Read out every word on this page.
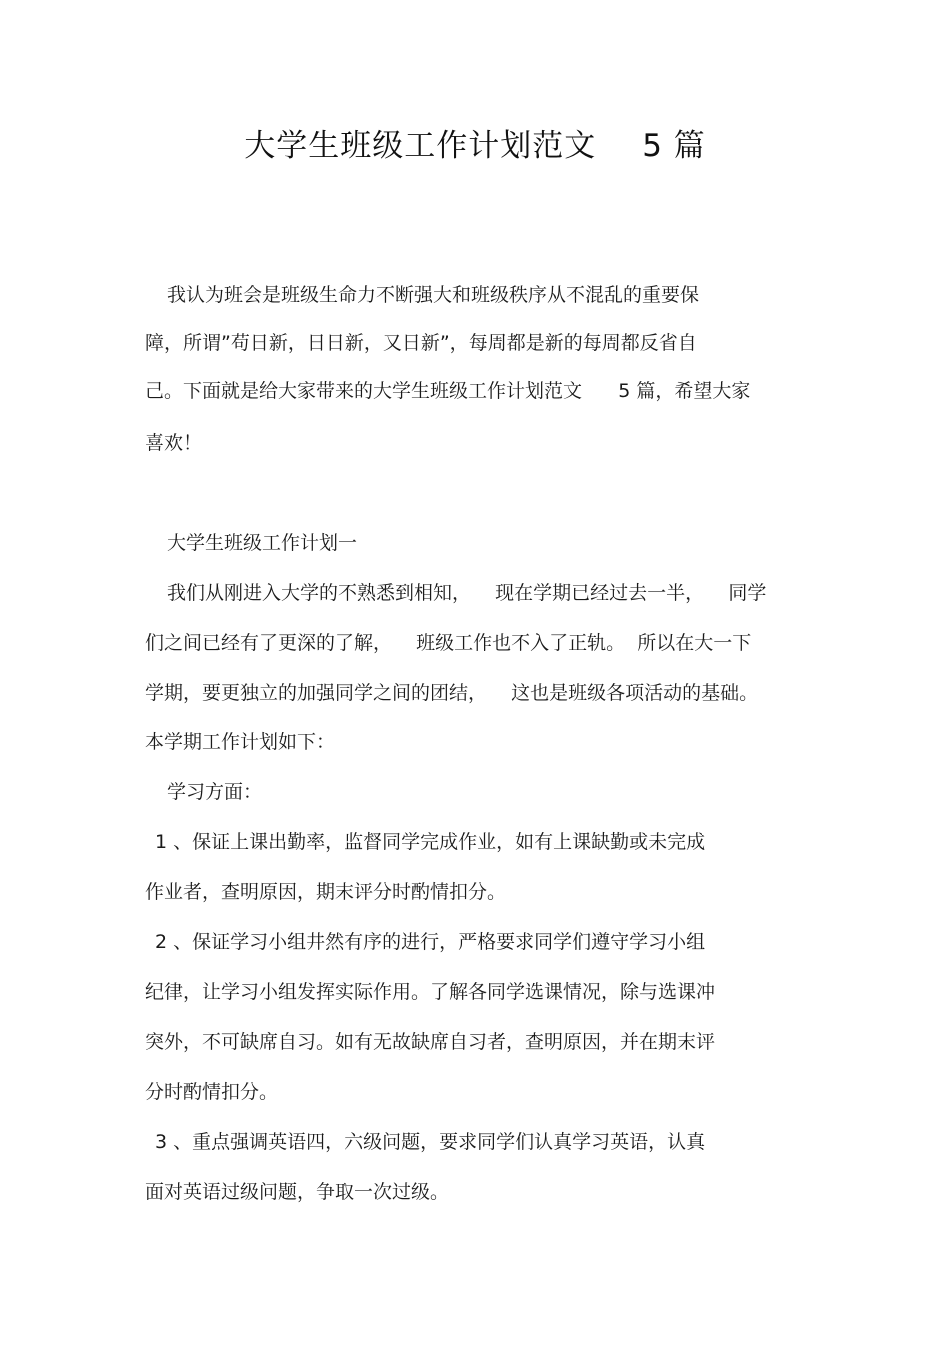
大学生班级工作计划范文 5 篇
我认为班会是班级生命力不断强大和班级秩序从不混乱的重要保
障，所谓”苟日新，日日新，又日新”，每周都是新的每周都反省自
己。下面就是给大家带来的大学生班级工作计划范文      5 篇，希望大家
喜欢！
大学生班级工作计划一
我们从刚进入大学的不熟悉到相知，    现在学期已经过去一半，    同学
们之间已经有了更深的了解，    班级工作也不入了正轨。  所以在大一下
学期，要更独立的加强同学之间的团结，    这也是班级各项活动的基础。
本学期工作计划如下：
学习方面：
1 、保证上课出勤率，监督同学完成作业，如有上课缺勤或未完成
作业者，查明原因，期末评分时酌情扣分。
2 、保证学习小组井然有序的进行，严格要求同学们遵守学习小组
纪律，让学习小组发挥实际作用。了解各同学选课情况，除与选课冲
突外，不可缺席自习。如有无故缺席自习者，查明原因，并在期末评
分时酌情扣分。
3 、重点强调英语四，六级问题，要求同学们认真学习英语，认真
面对英语过级问题，争取一次过级。
